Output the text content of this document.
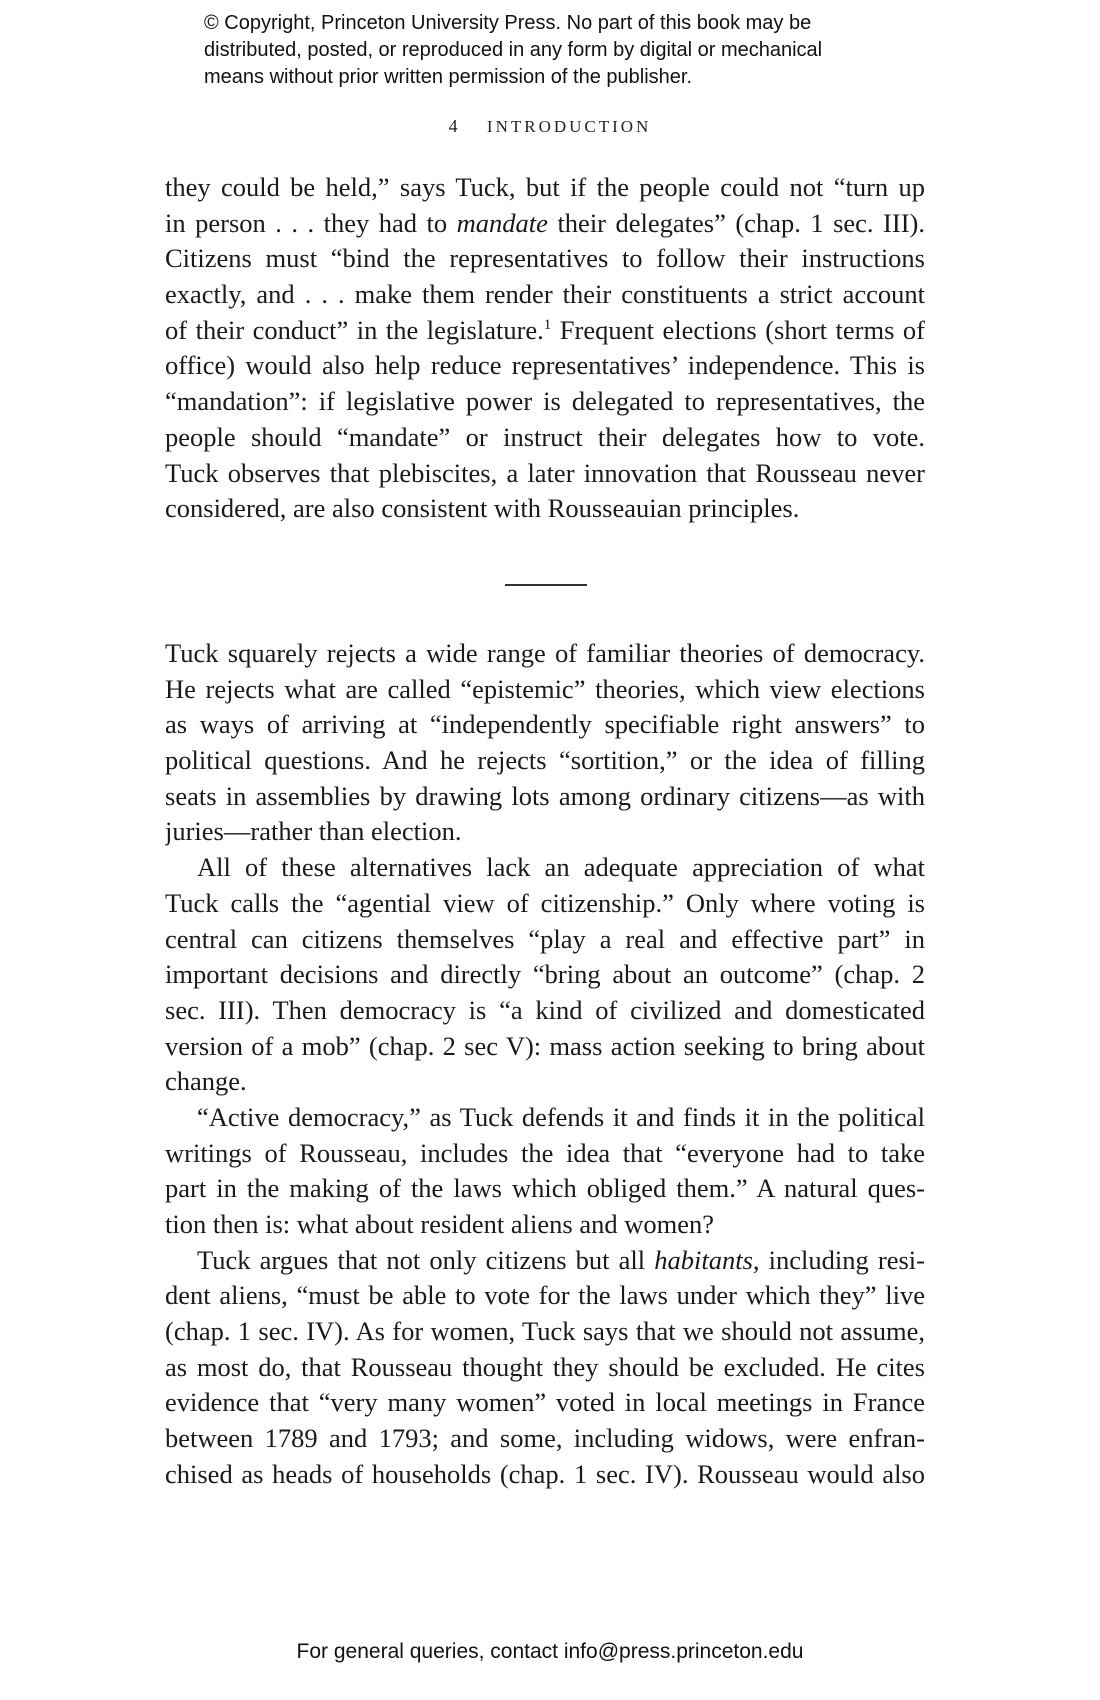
© Copyright, Princeton University Press. No part of this book may be
distributed, posted, or reproduced in any form by digital or mechanical
means without prior written permission of the publisher.
4 INTRODUCTION
they could be held,” says Tuck, but if the people could not “turn up
in person . . . they had to mandate their delegates” (chap. 1 sec. III).
Citizens must “bind the representatives to follow their instructions
exactly, and . . . make them render their constituents a strict account
of their conduct” in the legislature.$^1$ Frequent elections (short terms of
office) would also help reduce representatives’ independence. This is
“mandation”: if legislative power is delegated to representatives, the
people should “mandate” or instruct their delegates how to vote.
Tuck observes that plebiscites, a later innovation that Rousseau never
considered, are also consistent with Rousseauian principles.
Tuck squarely rejects a wide range of familiar theories of democracy.
He rejects what are called “epistemic” theories, which view elections
as ways of arriving at “independently specifiable right answers” to
political questions. And he rejects “sortition,” or the idea of filling
seats in assemblies by drawing lots among ordinary citizens—as with
juries—rather than election.
All of these alternatives lack an adequate appreciation of what
Tuck calls the “agential view of citizenship.” Only where voting is
central can citizens themselves “play a real and effective part” in
important decisions and directly “bring about an outcome” (chap. 2
sec. III). Then democracy is “a kind of civilized and domesticated
version of a mob” (chap. 2 sec V): mass action seeking to bring about
change.
“Active democracy,” as Tuck defends it and finds it in the political
writings of Rousseau, includes the idea that “everyone had to take
part in the making of the laws which obliged them.” A natural ques-
tion then is: what about resident aliens and women?
Tuck argues that not only citizens but all habitants, including resi-
dent aliens, “must be able to vote for the laws under which they” live
(chap. 1 sec. IV). As for women, Tuck says that we should not assume,
as most do, that Rousseau thought they should be excluded. He cites
evidence that “very many women” voted in local meetings in France
between 1789 and 1793; and some, including widows, were enfran-
chised as heads of households (chap. 1 sec. IV). Rousseau would also
For general queries, contact info@press.princeton.edu
